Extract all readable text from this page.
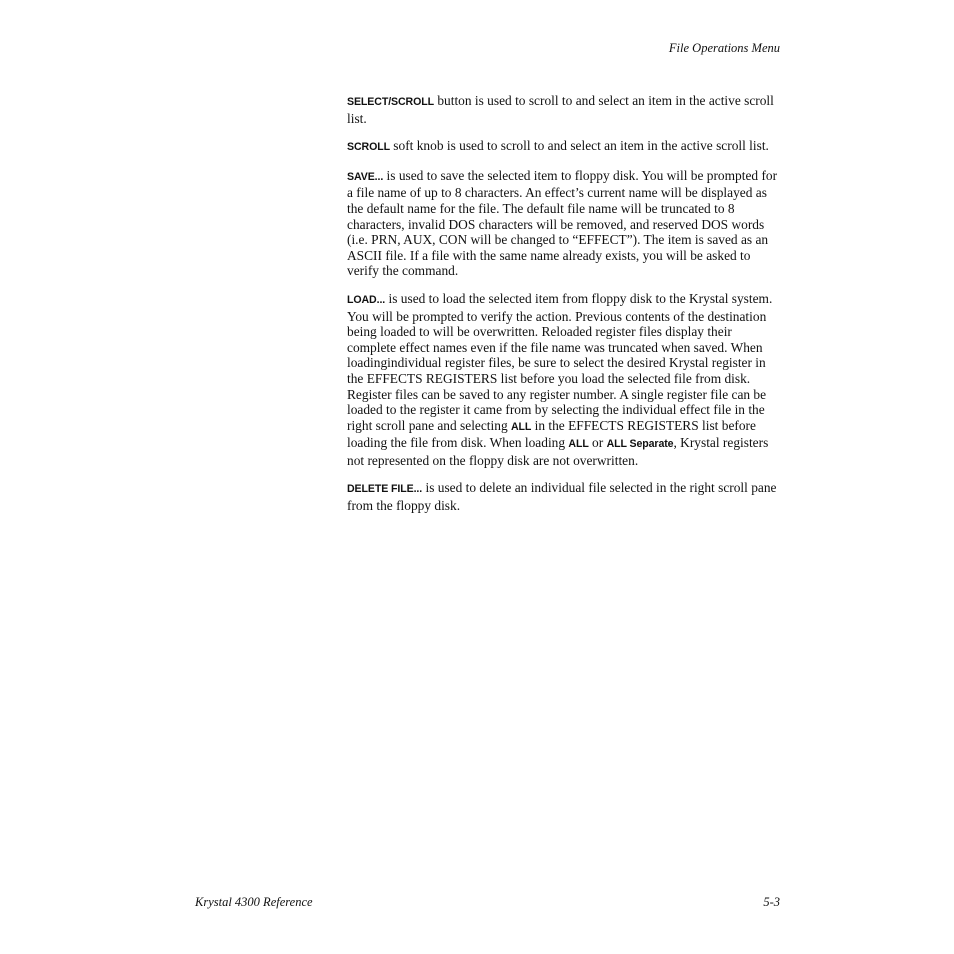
File Operations Menu

SELECT/SCROLL button is used to scroll to and select an item in the active scroll list.

SCROLL soft knob is used to scroll to and select an item in the active scroll list.

SAVE... is used to save the selected item to floppy disk. You will be prompted for a file name of up to 8 characters. An effect’s current name will be displayed as the default name for the file. The default file name will be truncated to 8 characters, invalid DOS characters will be removed, and reserved DOS words (i.e. PRN, AUX, CON will be changed to “EFFECT”). The item is saved as an ASCII file. If a file with the same name already exists, you will be asked to verify the command.

LOAD... is used to load the selected item from floppy disk to the Krystal system. You will be prompted to verify the action. Previous contents of the destination being loaded to will be overwritten. Reloaded register files display their complete effect names even if the file name was truncated when saved. When loadingindividual register files, be sure to select the desired Krystal register in the EFFECTS REGISTERS list before you load the selected file from disk. Register files can be saved to any register number. A single register file can be loaded to the register it came from by selecting the individual effect file in the right scroll pane and selecting ALL in the EFFECTS REGISTERS list before loading the file from disk. When loading ALL or ALL Separate, Krystal registers not represented on the floppy disk are not overwritten.

DELETE FILE... is used to delete an individual file selected in the right scroll pane from the floppy disk.

Krystal 4300 Reference	5-3
